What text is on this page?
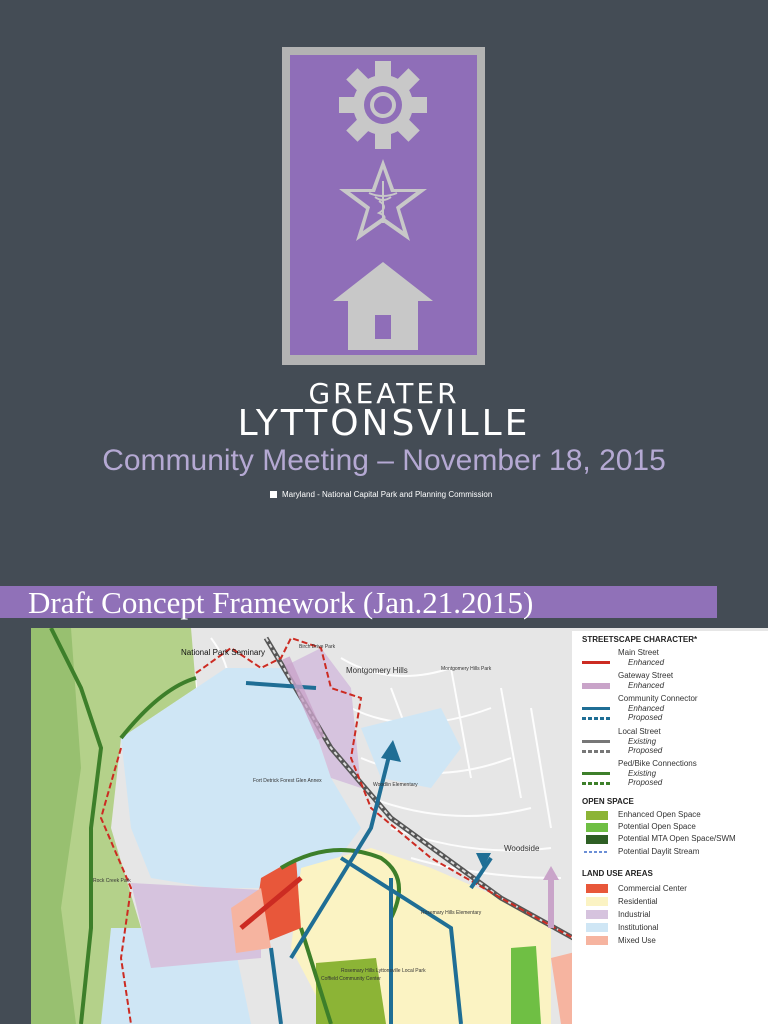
GREATER
LYTTONSVILLE
Community Meeting – November 18, 2015
Maryland - National Capital Park and Planning Commission
Draft Concept Framework (Jan.21.2015)
National Park Seminary
Montgomery Hills	Montgomery Hills Park
Birch Drive Park
Fort Detrick Forest Glen Annex
Woodlin Elementary
Rock Creek Park
Woodside
Rosemary Hills Elementary
Coffield Community Center
Rosemary Hills Lyttonsville Local Park
STREETSCAPE CHARACTER*
Main Street
Enhanced
Gateway Street
Enhanced
Community Connector
Enhanced
Proposed
Local Street
Existing
Proposed
Ped/Bike Connections
Existing
Proposed
OPEN SPACE
Enhanced Open Space
Potential Open Space
Potential MTA Open Space/SWM
Potential Daylit Stream
LAND USE AREAS
Commercial Center
Residential
Industrial
Institutional
Mixed Use
